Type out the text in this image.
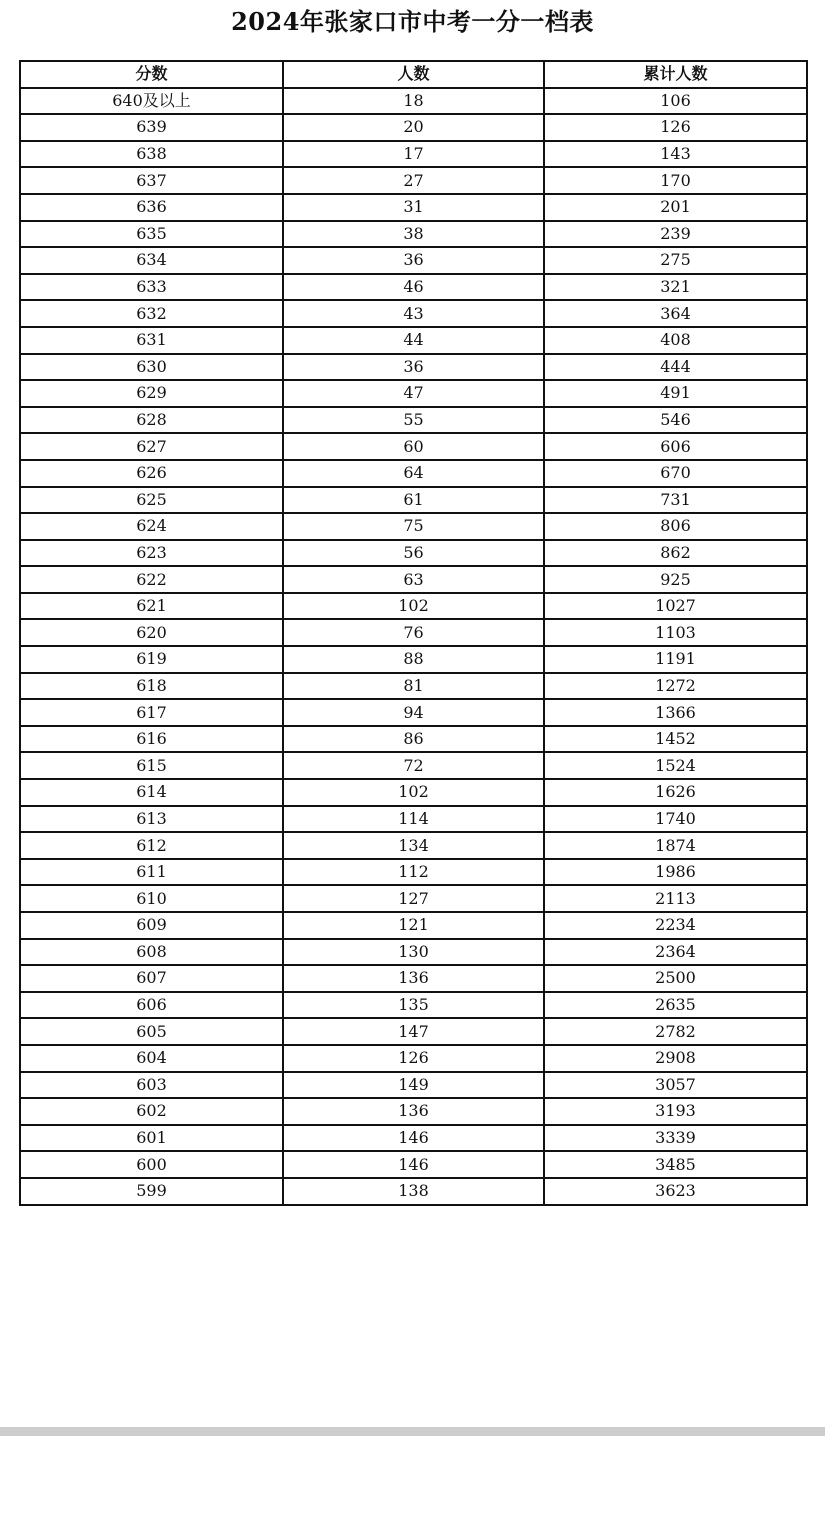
2024年张家口市中考一分一档表
分数	人数	累计人数
640及以上	18	106
639	20	126
638	17	143
637	27	170
636	31	201
635	38	239
634	36	275
633	46	321
632	43	364
631	44	408
630	36	444
629	47	491
628	55	546
627	60	606
626	64	670
625	61	731
624	75	806
623	56	862
622	63	925
621	102	1027
620	76	1103
619	88	1191
618	81	1272
617	94	1366
616	86	1452
615	72	1524
614	102	1626
613	114	1740
612	134	1874
611	112	1986
610	127	2113
609	121	2234
608	130	2364
607	136	2500
606	135	2635
605	147	2782
604	126	2908
603	149	3057
602	136	3193
601	146	3339
600	146	3485
599	138	3623
